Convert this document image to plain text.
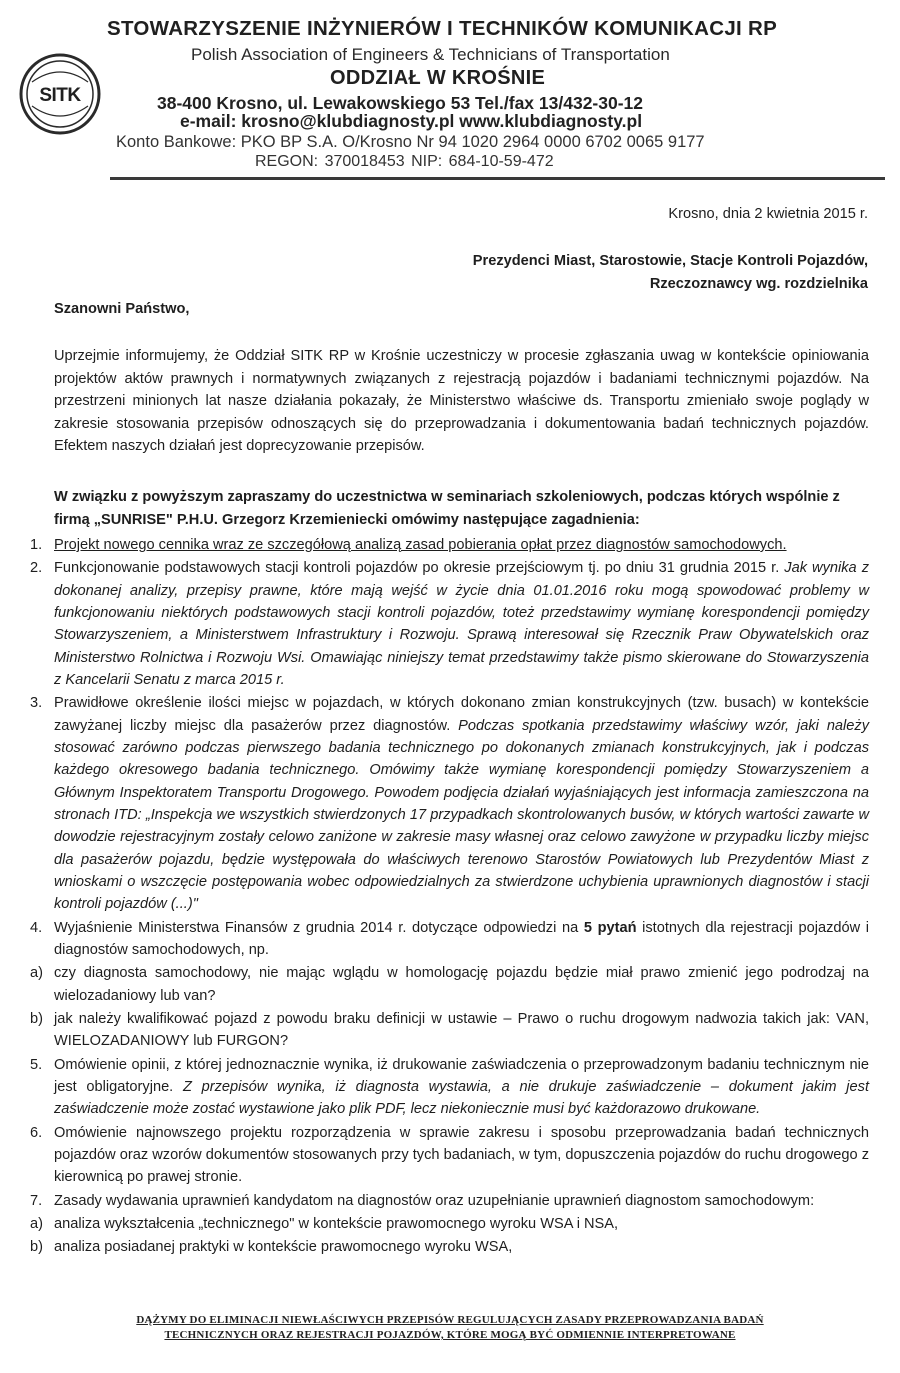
SITK
STOWARZYSZENIE INŻYNIERÓW I TECHNIKÓW KOMUNIKACJI RP
Polish Association of Engineers & Technicians of Transportation
ODDZIAŁ W KROŚNIE
38-400 Krosno, ul. Lewakowskiego 53 Tel./fax 13/432-30-12
e-mail: krosno@klubdiagnosty.pl www.klubdiagnosty.pl
Konto Bankowe: PKO BP S.A. O/Krosno Nr 94 1020 2964 0000 6702 0065 9177
REGON: 370018453 NIP: 684-10-59-472
Krosno, dnia 2 kwietnia 2015 r.
Prezydenci Miast, Starostowie, Stacje Kontroli Pojazdów,
Rzeczoznawcy wg. rozdzielnika
Szanowni Państwo,
Uprzejmie informujemy, że Oddział SITK RP w Krośnie uczestniczy w procesie zgłaszania uwag w kontekście opiniowania projektów aktów prawnych i normatywnych związanych z rejestracją pojazdów i badaniami technicznymi pojazdów. Na przestrzeni minionych lat nasze działania pokazały, że Ministerstwo właściwe ds. Transportu zmieniało swoje poglądy w zakresie stosowania przepisów odnoszących się do przeprowadzania i dokumentowania badań technicznych pojazdów. Efektem naszych działań jest doprecyzowanie przepisów.
W związku z powyższym zapraszamy do uczestnictwa w seminariach szkoleniowych, podczas których wspólnie z firmą „SUNRISE" P.H.U. Grzegorz Krzemieniecki omówimy następujące zagadnienia:
1. Projekt nowego cennika wraz ze szczegółową analizą zasad pobierania opłat przez diagnostów samochodowych.
2. Funkcjonowanie podstawowych stacji kontroli pojazdów po okresie przejściowym tj. po dniu 31 grudnia 2015 r. Jak wynika z dokonanej analizy, przepisy prawne, które mają wejść w życie dnia 01.01.2016 roku mogą spowodować problemy w funkcjonowaniu niektórych podstawowych stacji kontroli pojazdów, toteż przedstawimy wymianę korespondencji pomiędzy Stowarzyszeniem, a Ministerstwem Infrastruktury i Rozwoju. Sprawą interesował się Rzecznik Praw Obywatelskich oraz Ministerstwo Rolnictwa i Rozwoju Wsi. Omawiając niniejszy temat przedstawimy także pismo skierowane do Stowarzyszenia z Kancelarii Senatu z marca 2015 r.
3. Prawidłowe określenie ilości miejsc w pojazdach, w których dokonano zmian konstrukcyjnych (tzw. busach) w kontekście zawyżanej liczby miejsc dla pasażerów przez diagnostów. Podczas spotkania przedstawimy właściwy wzór, jaki należy stosować zarówno podczas pierwszego badania technicznego po dokonanych zmianach konstrukcyjnych, jak i podczas każdego okresowego badania technicznego. Omówimy także wymianę korespondencji pomiędzy Stowarzyszeniem a Głównym Inspektoratem Transportu Drogowego. Powodem podjęcia działań wyjaśniających jest informacja zamieszczona na stronach ITD: „Inspekcja we wszystkich stwierdzonych 17 przypadkach skontrolowanych busów, w których wartości zawarte w dowodzie rejestracyjnym zostały celowo zaniżone w zakresie masy własnej oraz celowo zawyżone w przypadku liczby miejsc dla pasażerów pojazdu, będzie występowała do właściwych terenowo Starostów Powiatowych lub Prezydentów Miast z wnioskami o wszczęcie postępowania wobec odpowiedzialnych za stwierdzone uchybienia uprawnionych diagnostów i stacji kontroli pojazdów (...)"
4. Wyjaśnienie Ministerstwa Finansów z grudnia 2014 r. dotyczące odpowiedzi na 5 pytań istotnych dla rejestracji pojazdów i diagnostów samochodowych, np.
a) czy diagnosta samochodowy, nie mając wglądu w homologację pojazdu będzie miał prawo zmienić jego podrodzaj na wielozadaniowy lub van?
b) jak należy kwalifikować pojazd z powodu braku definicji w ustawie – Prawo o ruchu drogowym nadwozia takich jak: VAN, WIELOZADANIOWY lub FURGON?
5. Omówienie opinii, z której jednoznacznie wynika, iż drukowanie zaświadczenia o przeprowadzonym badaniu technicznym nie jest obligatoryjne. Z przepisów wynika, iż diagnosta wystawia, a nie drukuje zaświadczenie – dokument jakim jest zaświadczenie może zostać wystawione jako plik PDF, lecz niekoniecznie musi być każdorazowo drukowane.
6. Omówienie najnowszego projektu rozporządzenia w sprawie zakresu i sposobu przeprowadzania badań technicznych pojazdów oraz wzorów dokumentów stosowanych przy tych badaniach, w tym, dopuszczenia pojazdów do ruchu drogowego z kierownicą po prawej stronie.
7. Zasady wydawania uprawnień kandydatom na diagnostów oraz uzupełnianie uprawnień diagnostom samochodowym:
a) analiza wykształcenia „technicznego" w kontekście prawomocnego wyroku WSA i NSA,
b) analiza posiadanej praktyki w kontekście prawomocnego wyroku WSA,
DĄŻYMY DO ELIMINACJI NIEWŁAŚCIWYCH PRZEPISÓW REGULUJĄCYCH ZASADY PRZEPROWADZANIA BADAŃ
TECHNICZNYCH ORAZ REJESTRACJI POJAZDÓW, KTÓRE MOGĄ BYĆ ODMIENNIE INTERPRETOWANE
